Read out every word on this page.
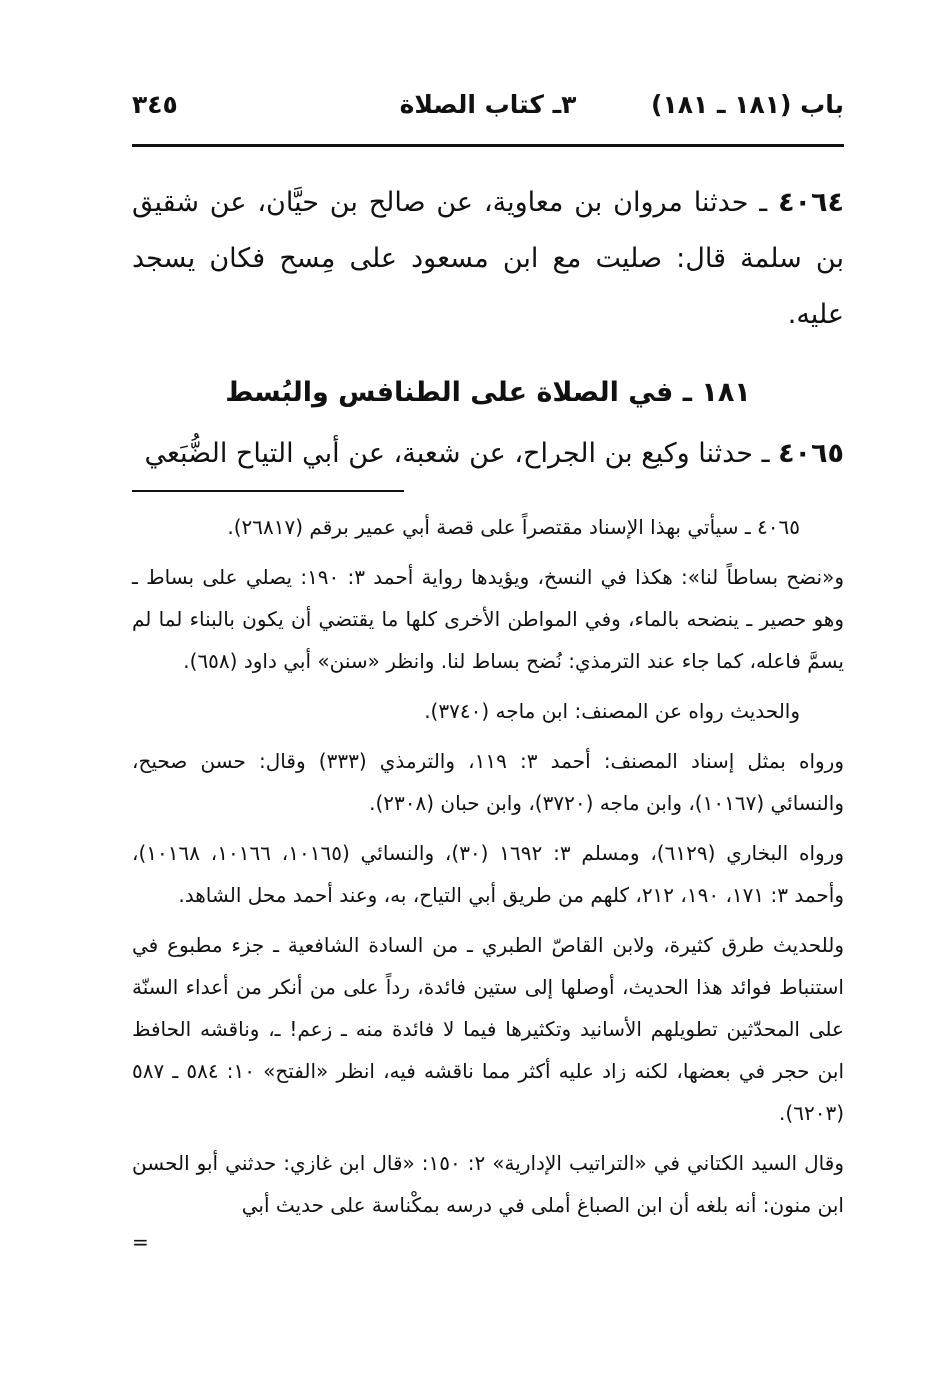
باب (١٨١ ـ ١٨١)
٣ـ كتاب الصلاة
٣٤٥

٤٠٦٤ ـ حدثنا مروان بن معاوية، عن صالح بن حيَّان، عن شقيق بن سلمة قال: صليت مع ابن مسعود على مِسح فكان يسجد عليه.

١٨١ ـ في الصلاة على الطنافس والبُسط

٤٠٦٥ ـ حدثنا وكيع بن الجراح، عن شعبة، عن أبي التياح الضُّبَعي

٤٠٦٥ ـ سيأتي بهذا الإسناد مقتصراً على قصة أبي عمير برقم (٢٦٨١٧).

و«نضح بساطاً لنا»: هكذا في النسخ، ويؤيدها رواية أحمد ٣: ١٩٠: يصلي على بساط ـ وهو حصير ـ ينضحه بالماء، وفي المواطن الأخرى كلها ما يقتضي أن يكون بالبناء لما لم يسمَّ فاعله، كما جاء عند الترمذي: نُضح بساط لنا. وانظر «سنن» أبي داود (٦٥٨).

والحديث رواه عن المصنف: ابن ماجه (٣٧٤٠).

ورواه بمثل إسناد المصنف: أحمد ٣: ١١٩، والترمذي (٣٣٣) وقال: حسن صحيح، والنسائي (١٠١٦٧)، وابن ماجه (٣٧٢٠)، وابن حبان (٢٣٠٨).

ورواه البخاري (٦١٢٩)، ومسلم ٣: ١٦٩٢ (٣٠)، والنسائي (١٠١٦٥، ١٠١٦٦، ١٠١٦٨)، وأحمد ٣: ١٧١، ١٩٠، ٢١٢، كلهم من طريق أبي التياح، به، وعند أحمد محل الشاهد.

وللحديث طرق كثيرة، ولابن القاصّ الطبري ـ من السادة الشافعية ـ جزء مطبوع في استنباط فوائد هذا الحديث، أوصلها إلى ستين فائدة، رداً على من أنكر من أعداء السنّة على المحدّثين تطويلهم الأسانيد وتكثيرها فيما لا فائدة منه ـ زعم! ـ، وناقشه الحافظ ابن حجر في بعضها، لكنه زاد عليه أكثر مما ناقشه فيه، انظر «الفتح» ١٠: ٥٨٤ ـ ٥٨٧ (٦٢٠٣).

وقال السيد الكتاني في «التراتيب الإدارية» ٢: ١٥٠: «قال ابن غازي: حدثني أبو الحسن ابن منون: أنه بلغه أن ابن الصباغ أملى في درسه بمكْناسة على حديث أبي

=
